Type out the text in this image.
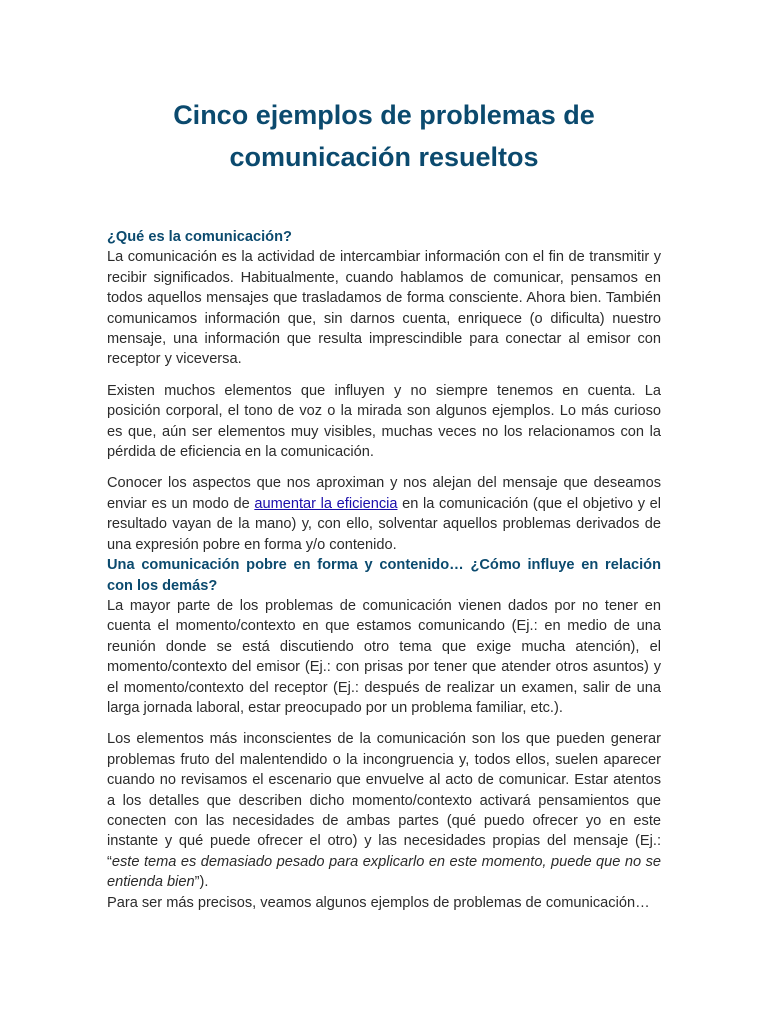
Cinco ejemplos de problemas de comunicación resueltos

¿Qué es la comunicación?

La comunicación es la actividad de intercambiar información con el fin de transmitir y recibir significados. Habitualmente, cuando hablamos de comunicar, pensamos en todos aquellos mensajes que trasladamos de forma consciente. Ahora bien. También comunicamos información que, sin darnos cuenta, enriquece (o dificulta) nuestro mensaje, una información que resulta imprescindible para conectar al emisor con receptor y viceversa.

Existen muchos elementos que influyen y no siempre tenemos en cuenta. La posición corporal, el tono de voz o la mirada son algunos ejemplos. Lo más curioso es que, aún ser elementos muy visibles, muchas veces no los relacionamos con la pérdida de eficiencia en la comunicación.

Conocer los aspectos que nos aproximan y nos alejan del mensaje que deseamos enviar es un modo de aumentar la eficiencia en la comunicación (que el objetivo y el resultado vayan de la mano) y, con ello, solventar aquellos problemas derivados de una expresión pobre en forma y/o contenido.

Una comunicación pobre en forma y contenido… ¿Cómo influye en relación con los demás?

La mayor parte de los problemas de comunicación vienen dados por no tener en cuenta el momento/contexto en que estamos comunicando (Ej.: en medio de una reunión donde se está discutiendo otro tema que exige mucha atención), el momento/contexto del emisor (Ej.: con prisas por tener que atender otros asuntos) y el momento/contexto del receptor (Ej.: después de realizar un examen, salir de una larga jornada laboral, estar preocupado por un problema familiar, etc.).

Los elementos más inconscientes de la comunicación son los que pueden generar problemas fruto del malentendido o la incongruencia y, todos ellos, suelen aparecer cuando no revisamos el escenario que envuelve al acto de comunicar. Estar atentos a los detalles que describen dicho momento/contexto activará pensamientos que conecten con las necesidades de ambas partes (qué puedo ofrecer yo en este instante y qué puede ofrecer el otro) y las necesidades propias del mensaje (Ej.: “este tema es demasiado pesado para explicarlo en este momento, puede que no se entienda bien”).

Para ser más precisos, veamos algunos ejemplos de problemas de comunicación…
